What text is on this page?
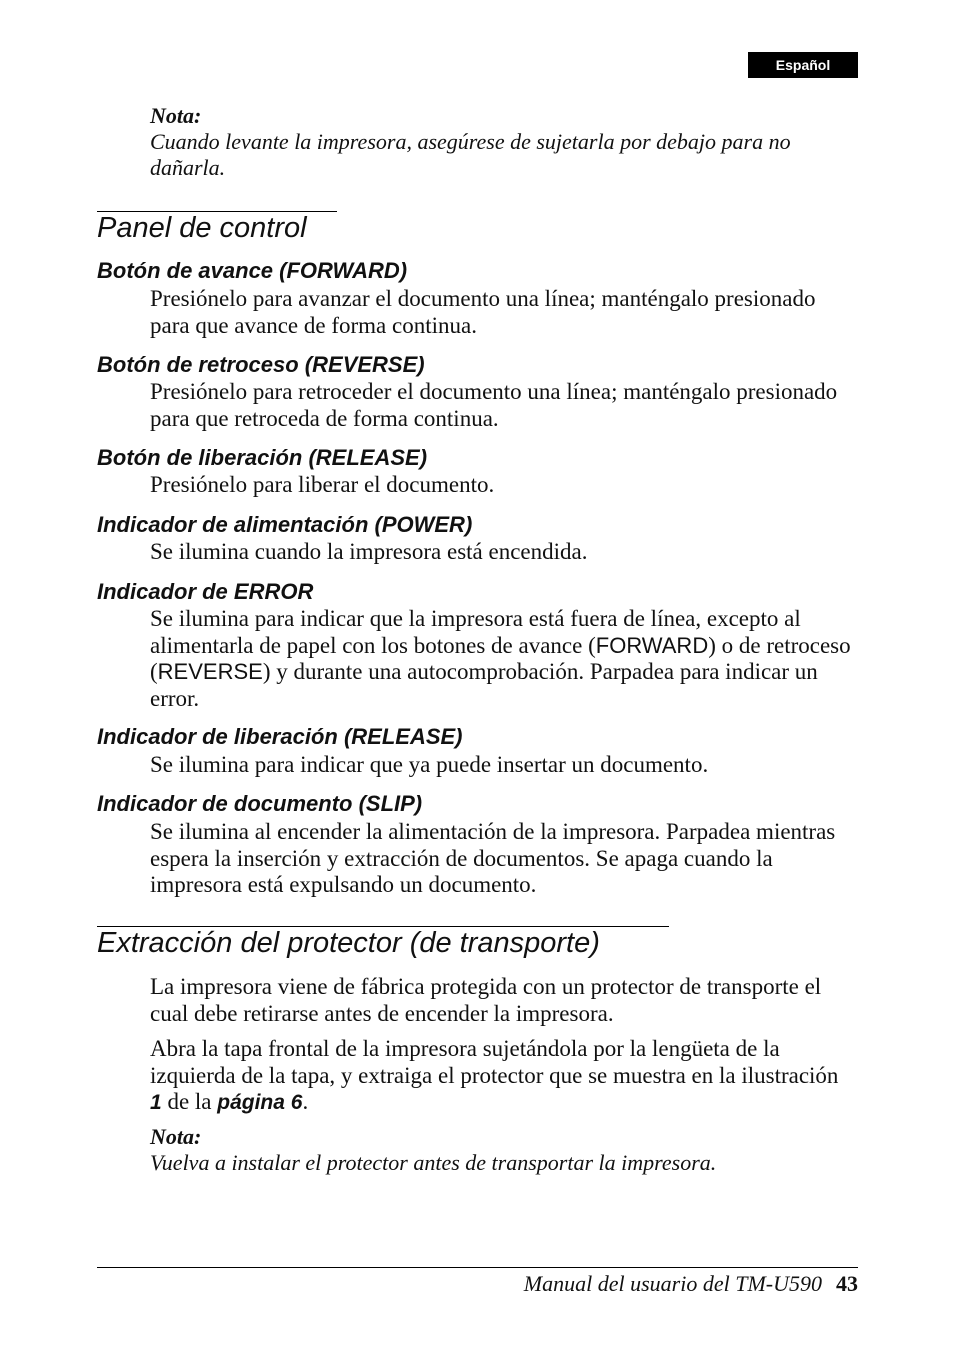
Español
Nota:
Cuando levante la impresora, asegúrese de sujetarla por debajo para no dañarla.
Panel de control
Botón de avance (FORWARD)
Presiónelo para avanzar el documento una línea; manténgalo presionado para que avance de forma continua.
Botón de retroceso (REVERSE)
Presiónelo para retroceder el documento una línea; manténgalo presionado para que retroceda de forma continua.
Botón de liberación (RELEASE)
Presiónelo para liberar el documento.
Indicador de alimentación (POWER)
Se ilumina cuando la impresora está encendida.
Indicador de ERROR
Se ilumina para indicar que la impresora está fuera de línea, excepto al alimentarla de papel con los botones de avance (FORWARD) o de retroceso (REVERSE) y durante una autocomprobación. Parpadea para indicar un error.
Indicador de liberación (RELEASE)
Se ilumina para indicar que ya puede insertar un documento.
Indicador de documento (SLIP)
Se ilumina al encender la alimentación de la impresora. Parpadea mientras espera la inserción y extracción de documentos. Se apaga cuando la impresora está expulsando un documento.
Extracción del protector (de transporte)
La impresora viene de fábrica protegida con un protector de transporte el cual debe retirarse antes de encender la impresora.
Abra la tapa frontal de la impresora sujetándola por la lengüeta de la izquierda de la tapa, y extraiga el protector que se muestra en la ilustración 1 de la página 6.
Nota:
Vuelva a instalar el protector antes de transportar la impresora.
Manual del usuario del TM-U590 43
